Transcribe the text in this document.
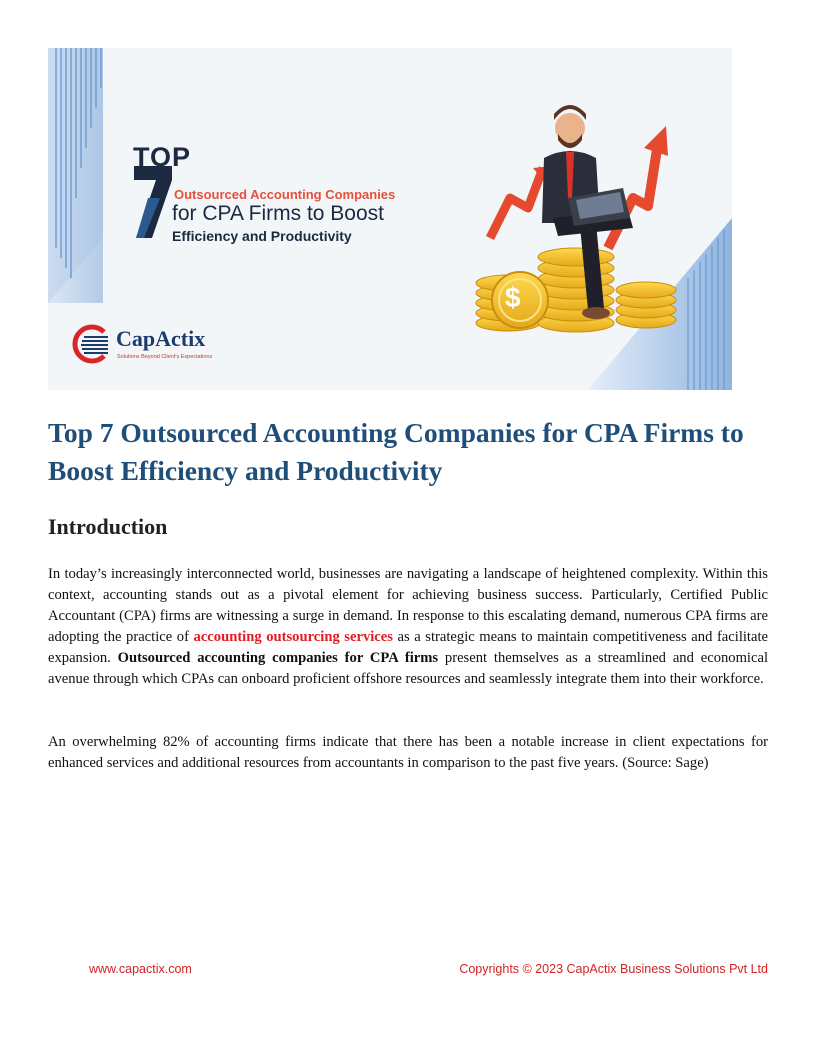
TOP
Outsourced Accounting Companies
for CPA Firms to Boost
Efficiency and Productivity
CapActix
Solutions Beyond Client's Expectations
$
Top 7 Outsourced Accounting Companies for CPA Firms to Boost Efficiency and Productivity
Introduction

In today’s increasingly interconnected world, businesses are navigating a landscape of heightened complexity. Within this context, accounting stands out as a pivotal element for achieving business success. Particularly, Certified Public Accountant (CPA) firms are witnessing a surge in demand. In response to this escalating demand, numerous CPA firms are adopting the practice of accounting outsourcing services as a strategic means to maintain competitiveness and facilitate expansion. Outsourced accounting companies for CPA firms present themselves as a streamlined and economical avenue through which CPAs can onboard proficient offshore resources and seamlessly integrate them into their workforce.

An overwhelming 82% of accounting firms indicate that there has been a notable increase in client expectations for enhanced services and additional resources from accountants in comparison to the past five years. (Source: Sage)

www.capactix.com	Copyrights © 2023 CapActix Business Solutions Pvt Ltd
